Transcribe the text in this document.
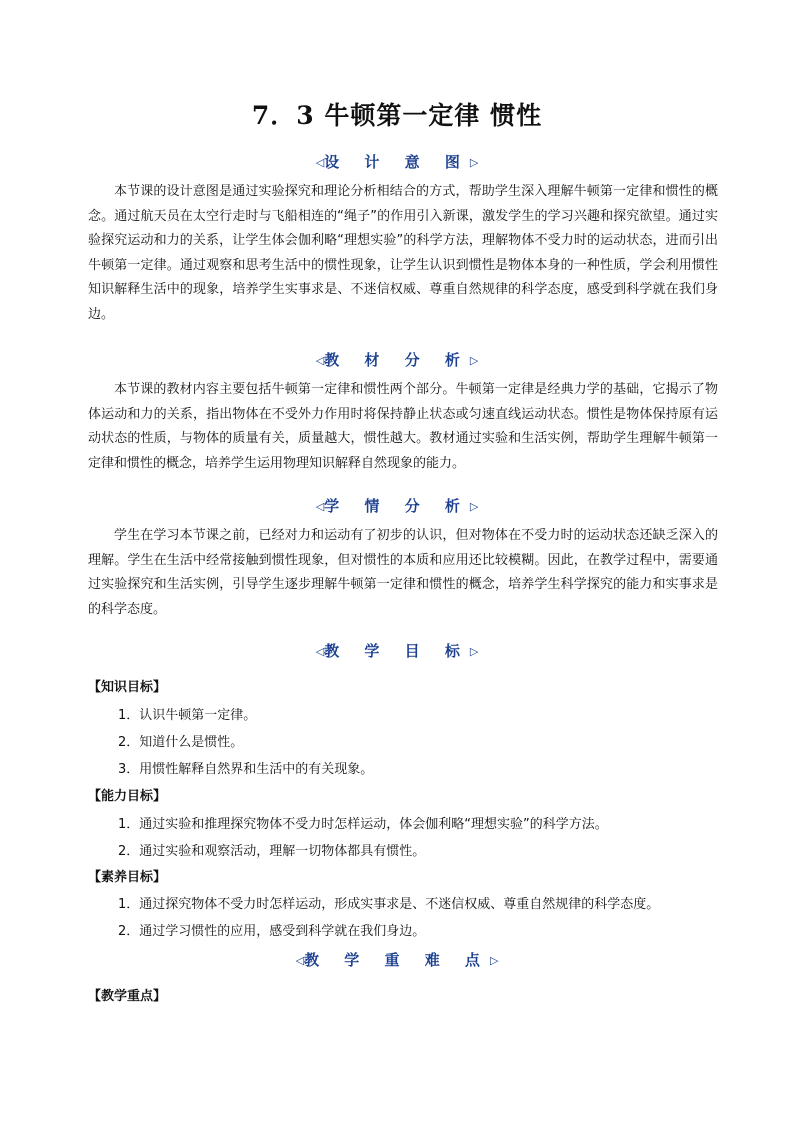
7．3 牛顿第一定律 惯性
◁设 计 意 图▷

本节课的设计意图是通过实验探究和理论分析相结合的方式，帮助学生深入理解牛顿第一定律和惯性的概念。通过航天员在太空行走时与飞船相连的“绳子”的作用引入新课，激发学生的学习兴趣和探究欲望。通过实验探究运动和力的关系，让学生体会伽利略“理想实验”的科学方法，理解物体不受力时的运动状态，进而引出牛顿第一定律。通过观察和思考生活中的惯性现象，让学生认识到惯性是物体本身的一种性质，学会利用惯性知识解释生活中的现象，培养学生实事求是、不迷信权威、尊重自然规律的科学态度，感受到科学就在我们身边。

◁教 材 分 析▷

本节课的教材内容主要包括牛顿第一定律和惯性两个部分。牛顿第一定律是经典力学的基础，它揭示了物体运动和力的关系，指出物体在不受外力作用时将保持静止状态或匀速直线运动状态。惯性是物体保持原有运动状态的性质，与物体的质量有关，质量越大，惯性越大。教材通过实验和生活实例，帮助学生理解牛顿第一定律和惯性的概念，培养学生运用物理知识解释自然现象的能力。

◁学 情 分 析▷

学生在学习本节课之前，已经对力和运动有了初步的认识，但对物体在不受力时的运动状态还缺乏深入的理解。学生在生活中经常接触到惯性现象，但对惯性的本质和应用还比较模糊。因此，在教学过程中，需要通过实验探究和生活实例，引导学生逐步理解牛顿第一定律和惯性的概念，培养学生科学探究的能力和实事求是的科学态度。

◁教 学 目 标▷
【知识目标】
1．认识牛顿第一定律。
2．知道什么是惯性。
3．用惯性解释自然界和生活中的有关现象。
【能力目标】
1．通过实验和推理探究物体不受力时怎样运动，体会伽利略“理想实验”的科学方法。
2．通过实验和观察活动，理解一切物体都具有惯性。
【素养目标】
1．通过探究物体不受力时怎样运动，形成实事求是、不迷信权威、尊重自然规律的科学态度。
2．通过学习惯性的应用，感受到科学就在我们身边。
◁教 学 重 难 点▷
【教学重点】
